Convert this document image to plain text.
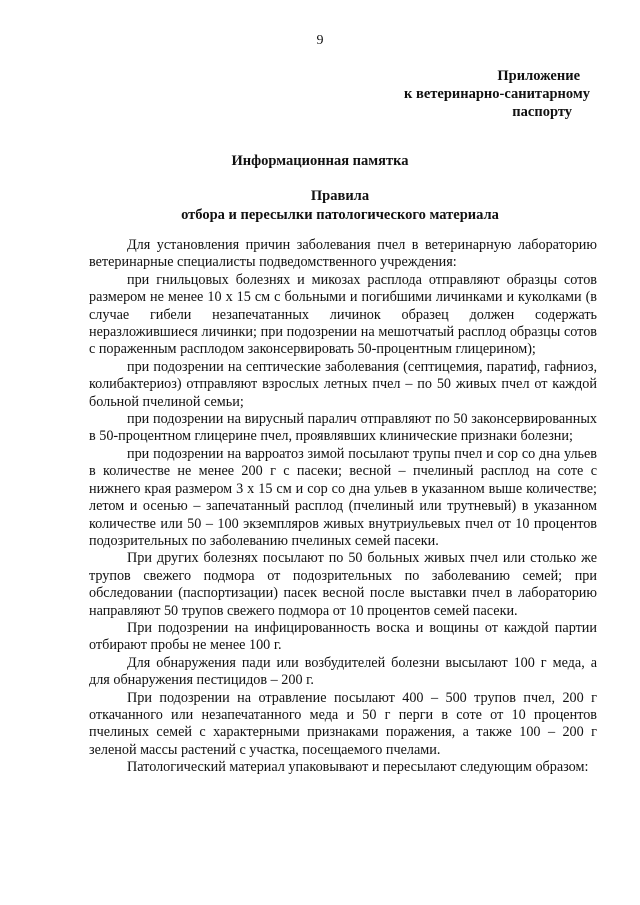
9
Приложение
к ветеринарно-санитарному
паспорту
Информационная памятка
Правила
отбора и пересылки патологического материала

Для установления причин заболевания пчел в ветеринарную лабораторию ветеринарные специалисты подведомственного учреждения:

при гнильцовых болезнях и микозах расплода отправляют образцы сотов размером не менее 10 х 15 см с больными и погибшими личинками и куколками (в случае гибели незапечатанных личинок образец должен содержать неразложившиеся личинки; при подозрении на мешотчатый расплод образцы сотов с пораженным расплодом законсервировать 50-процентным глицерином);

при подозрении на септические заболевания (септицемия, паратиф, гафниоз, колибактериоз) отправляют взрослых летных пчел – по 50 живых пчел от каждой больной пчелиной семьи;

при подозрении на вирусный паралич отправляют по 50 законсервированных в 50-процентном глицерине пчел, проявлявших клинические признаки болезни;

при подозрении на варроатоз зимой посылают трупы пчел и сор со дна ульев в количестве не менее 200 г с пасеки; весной – пчелиный расплод на соте с нижнего края размером 3 х 15 см и сор со дна ульев в указанном выше количестве; летом и осенью – запечатанный расплод (пчелиный или трутневый) в указанном количестве или 50 – 100 экземпляров живых внутриульевых пчел от 10 процентов подозрительных по заболеванию пчелиных семей пасеки.

При других болезнях посылают по 50 больных живых пчел или столько же трупов свежего подмора от подозрительных по заболеванию семей; при обследовании (паспортизации) пасек весной после выставки пчел в лабораторию направляют 50 трупов свежего подмора от 10 процентов семей пасеки.

При подозрении на инфицированность воска и вощины от каждой партии отбирают пробы не менее 100 г.

Для обнаружения пади или возбудителей болезни высылают 100 г меда, а для обнаружения пестицидов – 200 г.

При подозрении на отравление посылают 400 – 500 трупов пчел, 200 г откачанного или незапечатанного меда и 50 г перги в соте от 10 процентов пчелиных семей с характерными признаками поражения, а также 100 – 200 г зеленой массы растений с участка, посещаемого пчелами.

Патологический материал упаковывают и пересылают следующим образом:
